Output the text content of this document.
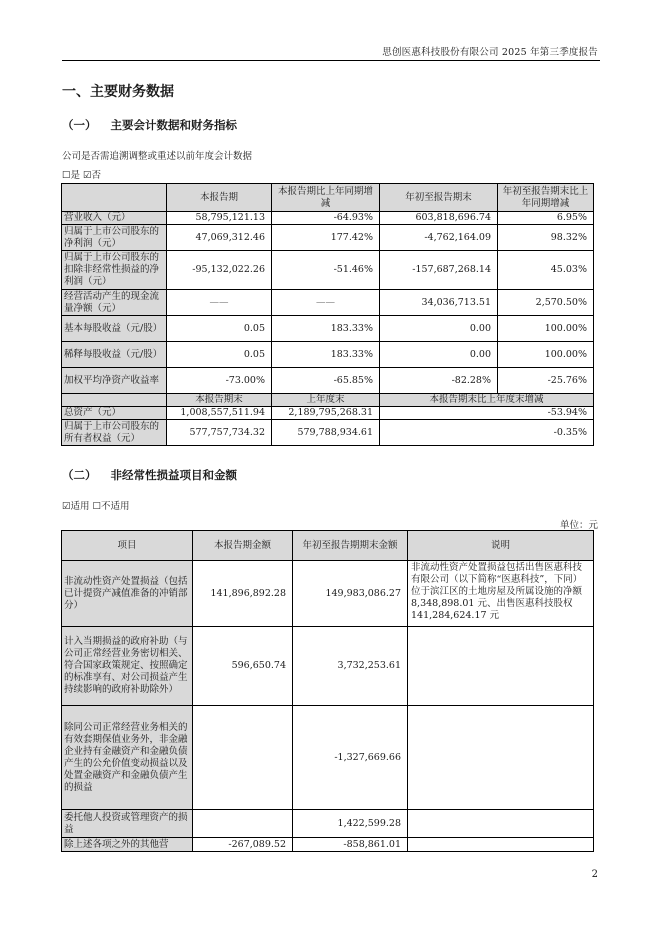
思创医惠科技股份有限公司 2025 年第三季度报告
一、主要财务数据
（一） 主要会计数据和财务指标
公司是否需追溯调整或重述以前年度会计数据
☐是 ☑否
	本报告期	本报告期比上年同期增减	年初至报告期末	年初至报告期末比上年同期增减
营业收入（元）	58,795,121.13	-64.93%	603,818,696.74	6.95%
归属于上市公司股东的净利润（元）	47,069,312.46	177.42%	-4,762,164.09	98.32%
归属于上市公司股东的扣除非经常性损益的净利润（元）	-95,132,022.26	-51.46%	-157,687,268.14	45.03%
经营活动产生的现金流量净额（元）	——	——	34,036,713.51	2,570.50%
基本每股收益（元/股）	0.05	183.33%	0.00	100.00%
稀释每股收益（元/股）	0.05	183.33%	0.00	100.00%
加权平均净资产收益率	-73.00%	-65.85%	-82.28%	-25.76%
	本报告期末	上年度末	本报告期末比上年度末增减	
总资产（元）	1,008,557,511.94	2,189,795,268.31	-53.94%	
归属于上市公司股东的所有者权益（元）	577,757,734.32	579,788,934.61	-0.35%	
（二） 非经常性损益项目和金额
☑适用 ☐不适用
单位：元
项目	本报告期金额	年初至报告期期末金额	说明
非流动性资产处置损益（包括已计提资产减值准备的冲销部分）	141,896,892.28	149,983,086.27	非流动性资产处置损益包括出售医惠科技有限公司（以下简称“医惠科技”，下同）位于滨江区的土地房屋及所属设施的净额 8,348,898.01 元、出售医惠科技股权 141,284,624.17 元
计入当期损益的政府补助（与公司正常经营业务密切相关、符合国家政策规定、按照确定的标准享有、对公司损益产生持续影响的政府补助除外）	596,650.74	3,732,253.61	
除同公司正常经营业务相关的有效套期保值业务外，非金融企业持有金融资产和金融负债产生的公允价值变动损益以及处置金融资产和金融负债产生的损益		-1,327,669.66	
委托他人投资或管理资产的损益		1,422,599.28	
除上述各项之外的其他营	-267,089.52	-858,861.01	
2
